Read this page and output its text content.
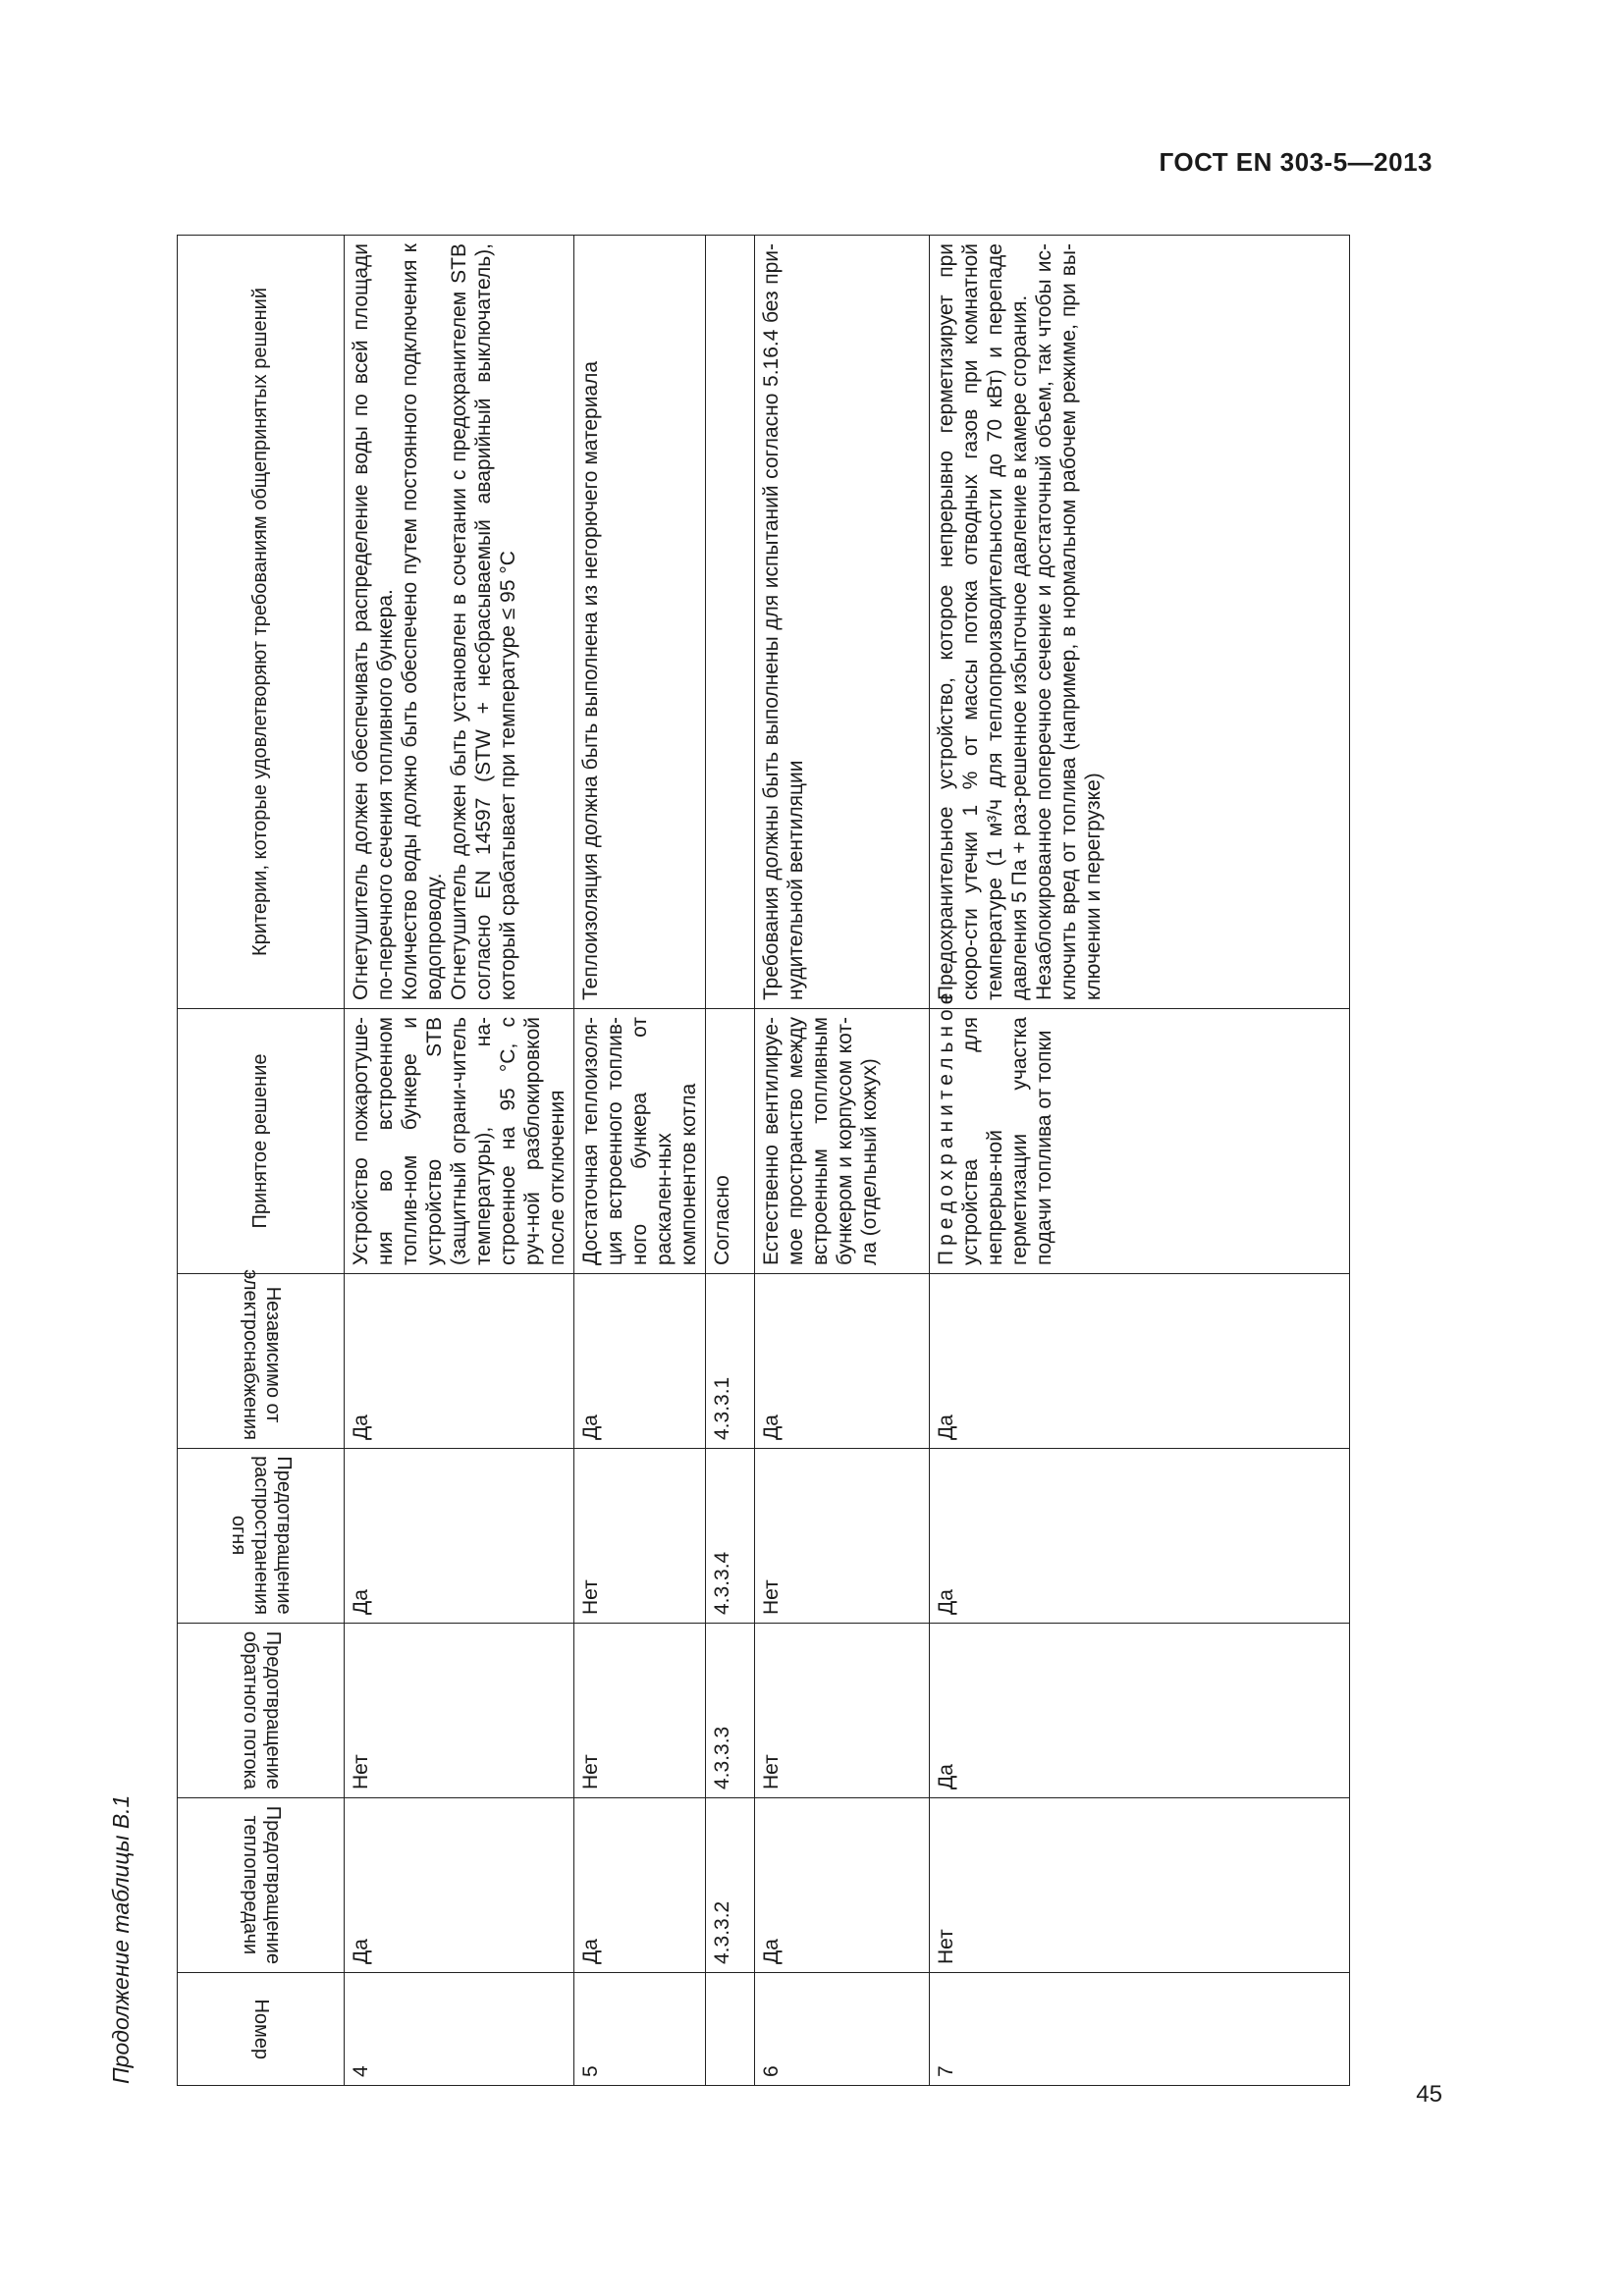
ГОСТ EN 303-5—2013
Продолжение таблицы В.1	Номер	Предотвращение теплопередачи	Предотвращение обратного потока	Предотвращение распространения огня	Независимо от электроснабжения	Принятое решение	Критерии, которые удовлетворяют требованиям общепринятых решений
4	Да	Нет	Да	Да	Устройство пожаротуше-ния во встроенном топлив-ном бункере и устройство STB (защитный ограни-читель температуры), на-строенное на 95 °С, с руч-ной разблокировкой после отключения	Огнетушитель должен обеспечивать распределение воды по всей площади по-перечного сечения топливного бункера. Количество воды должно быть обеспечено путем постоянного подключения к водопроводу. Огнетушитель должен быть установлен в сочетании с предохранителем STB согласно EN 14597 (STW + несбрасываемый аварийный выключатель), который срабатывает при температуре ≤ 95 °С

5	Да	Нет	Нет	Да	Достаточная теплоизоля-ция встроенного топлив-ного бункера от раскален-ных компонентов котла	Теплоизоляция должна быть выполнена из негорючего материала

	4.3.3.2	4.3.3.3	4.3.3.4	4.3.3.1	Согласно	
6	Да	Нет	Нет	Да	Естественно вентилируе-мое пространство между встроенным топливным бункером и корпусом кот-ла (отдельный кожух)	Требования должны быть выполнены для испытаний согласно 5.16.4 без при-нудительной вентиляции

7	Нет	Да	Да	Да	Предохранительное устройства для непрерыв-ной герметизации участка подачи топлива от топки	Предохранительное устройство, которое непрерывно герметизирует при скоро-сти утечки 1 % от массы потока отводных газов при комнатной температуре (1 м³/ч для теплопроизводительности до 70 кВт) и перепаде давления 5 Па + раз-решенное избыточное давление в камере сгорания. Незаблокированное поперечное сечение и достаточный объем, так чтобы ис-ключить вред от топлива (например, в нормальном рабочем режиме, при вы-ключении и перегрузке)

45
